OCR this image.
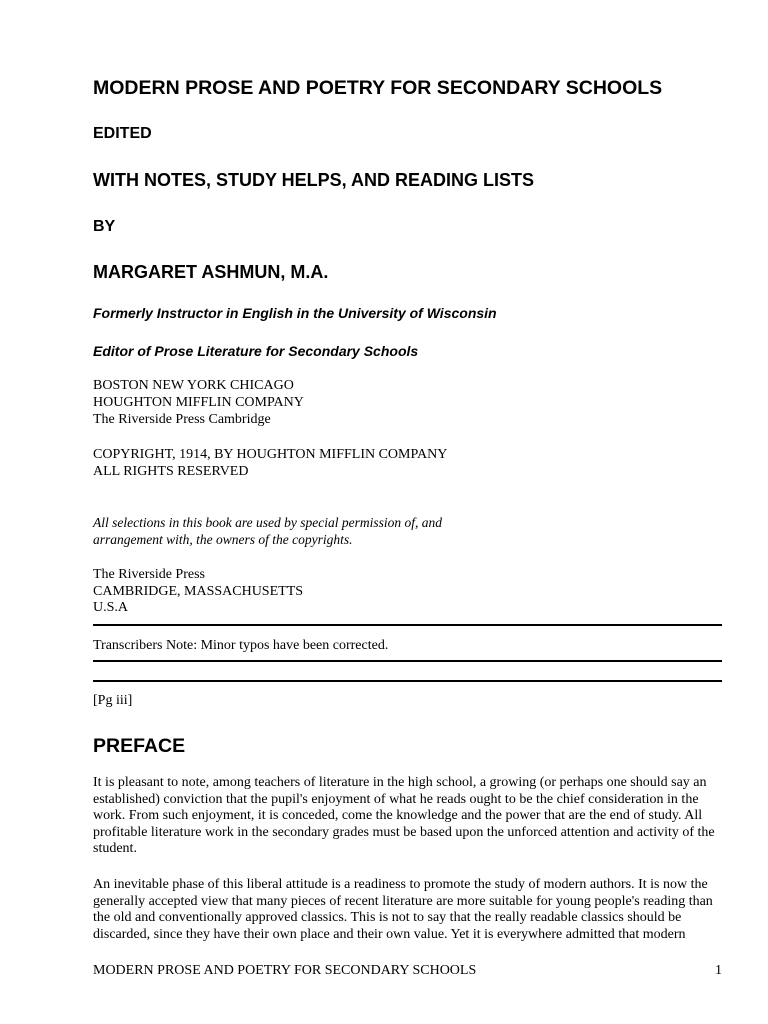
MODERN PROSE AND POETRY FOR SECONDARY SCHOOLS
EDITED
WITH NOTES, STUDY HELPS, AND READING LISTS
BY
MARGARET ASHMUN, M.A.
Formerly Instructor in English in the University of Wisconsin
Editor of Prose Literature for Secondary Schools
BOSTON NEW YORK CHICAGO
HOUGHTON MIFFLIN COMPANY
The Riverside Press Cambridge
COPYRIGHT, 1914, BY HOUGHTON MIFFLIN COMPANY
ALL RIGHTS RESERVED
All selections in this book are used by special permission of, and
arrangement with, the owners of the copyrights.
The Riverside Press
CAMBRIDGE, MASSACHUSETTS
U.S.A
Transcribers Note: Minor typos have been corrected.
[Pg iii]
PREFACE
It is pleasant to note, among teachers of literature in the high school, a growing (or perhaps one should say an established) conviction that the pupil's enjoyment of what he reads ought to be the chief consideration in the work. From such enjoyment, it is conceded, come the knowledge and the power that are the end of study. All profitable literature work in the secondary grades must be based upon the unforced attention and activity of the student.
An inevitable phase of this liberal attitude is a readiness to promote the study of modern authors. It is now the generally accepted view that many pieces of recent literature are more suitable for young people's reading than the old and conventionally approved classics. This is not to say that the really readable classics should be discarded, since they have their own place and their own value. Yet it is everywhere admitted that modern
MODERN PROSE AND POETRY FOR SECONDARY SCHOOLS	1
